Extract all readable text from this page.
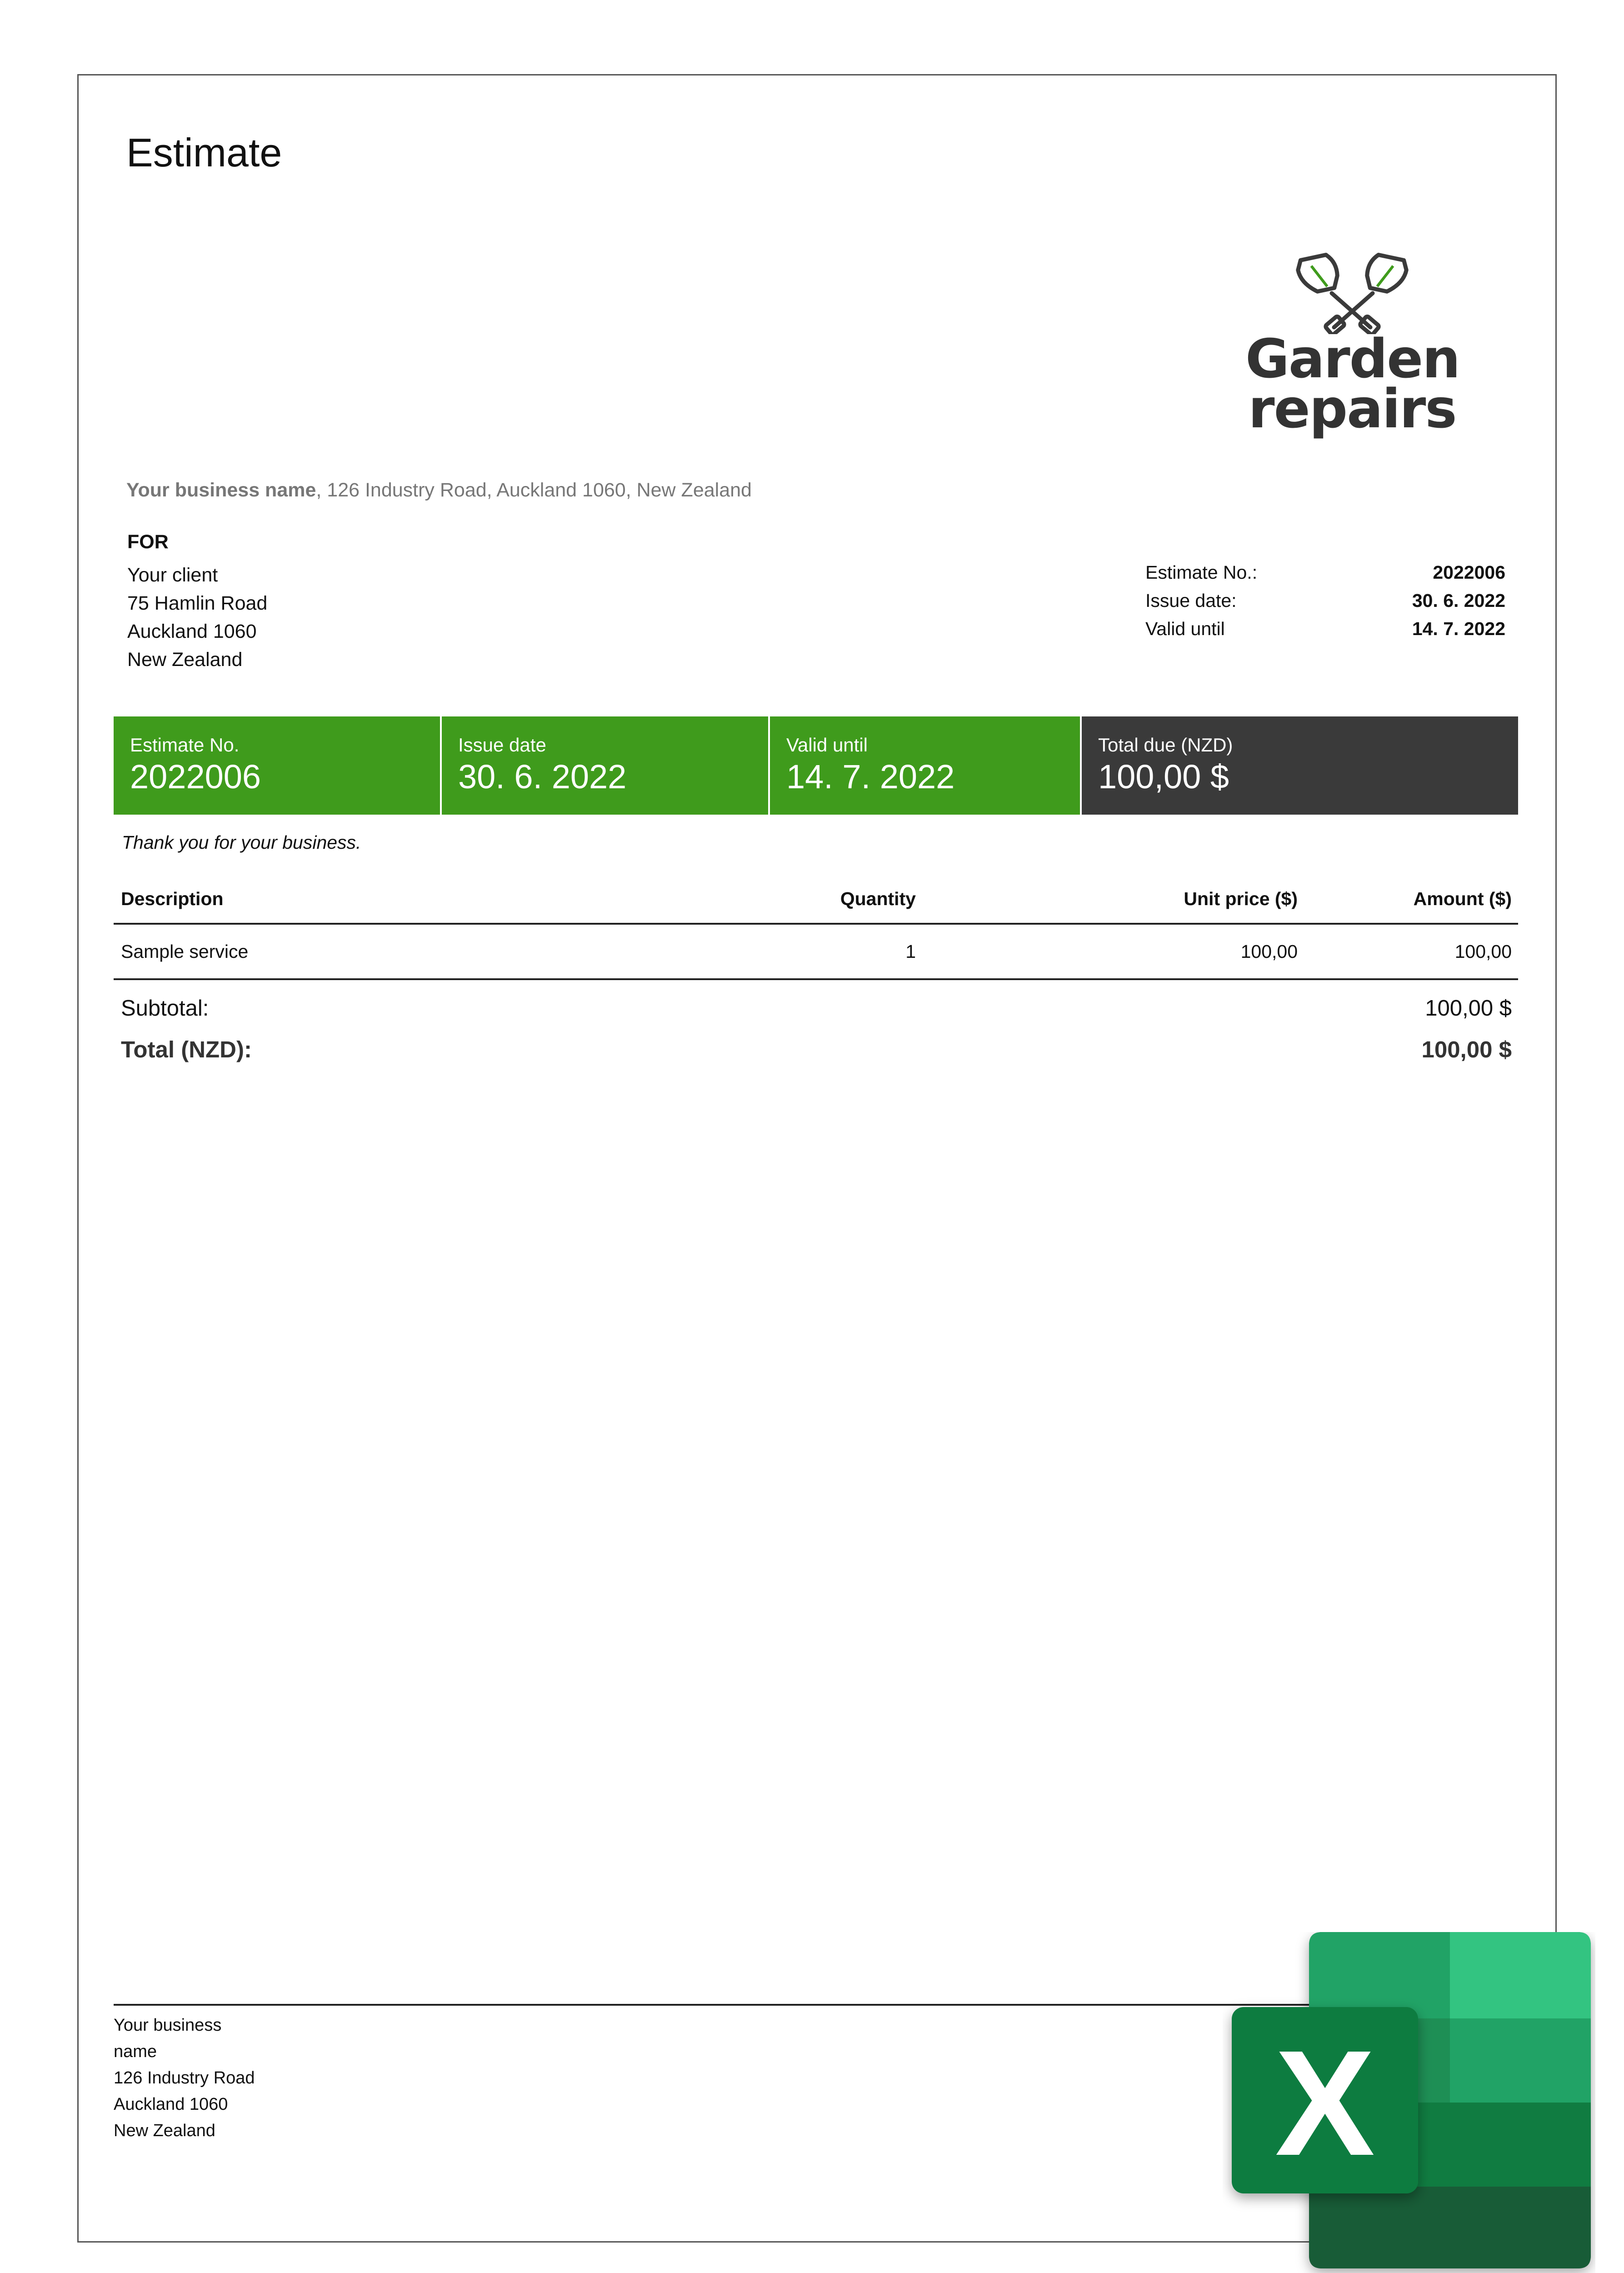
Estimate
Garden
repairs
Your business name, 126 Industry Road, Auckland 1060, New Zealand
FOR
Your client
75 Hamlin Road
Auckland 1060
New Zealand
Estimate No.:	2022006
Issue date:	30. 6. 2022
Valid until	14. 7. 2022
Estimate No.
2022006
Issue date
30. 6. 2022
Valid until
14. 7. 2022
Total due (NZD)
100,00 $
Thank you for your business.
Description	Quantity	Unit price ($)	Amount ($)
Sample service	1	100,00	100,00
Subtotal:	100,00 $
Total (NZD):	100,00 $
Your business
name
126 Industry Road
Auckland 1060
New Zealand	X
